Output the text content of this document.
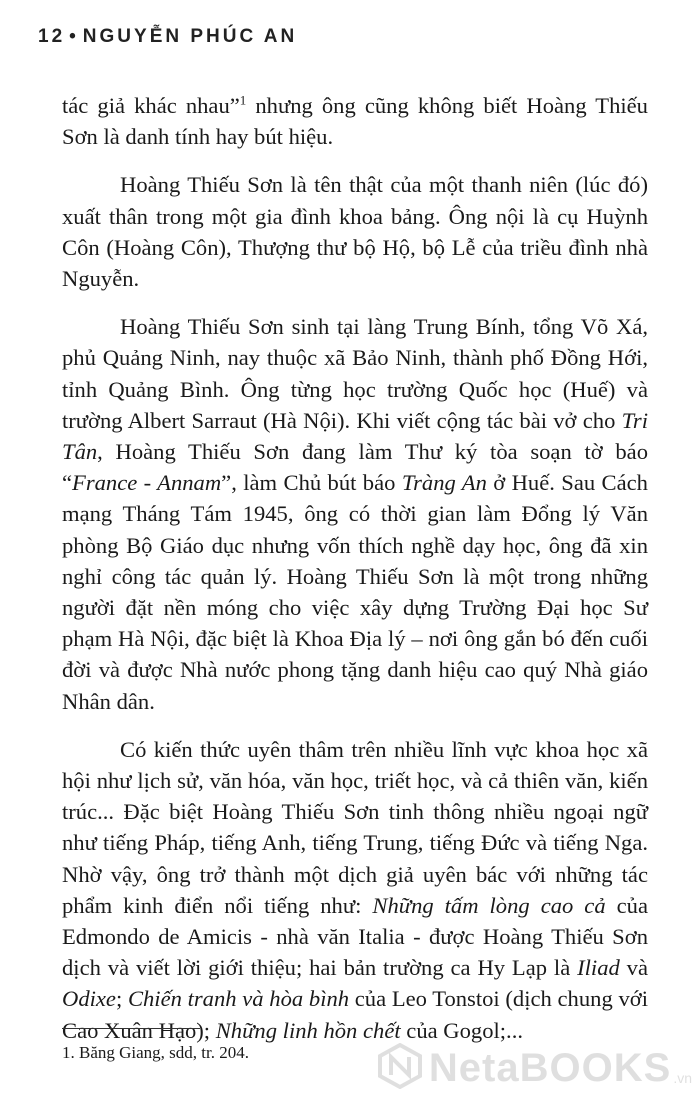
12 • NGUYỄN PHÚC AN

tác giả khác nhau”$^1$ nhưng ông cũng không biết Hoàng Thiếu Sơn là danh tính hay bút hiệu.

Hoàng Thiếu Sơn là tên thật của một thanh niên (lúc đó) xuất thân trong một gia đình khoa bảng. Ông nội là cụ Huỳnh Côn (Hoàng Côn), Thượng thư bộ Hộ, bộ Lễ của triều đình nhà Nguyễn.

Hoàng Thiếu Sơn sinh tại làng Trung Bính, tổng Võ Xá, phủ Quảng Ninh, nay thuộc xã Bảo Ninh, thành phố Đồng Hới, tỉnh Quảng Bình. Ông từng học trường Quốc học (Huế) và trường Albert Sarraut (Hà Nội). Khi viết cộng tác bài vở cho Tri Tân, Hoàng Thiếu Sơn đang làm Thư ký tòa soạn tờ báo “France - Annam”, làm Chủ bút báo Tràng An ở Huế. Sau Cách mạng Tháng Tám 1945, ông có thời gian làm Đổng lý Văn phòng Bộ Giáo dục nhưng vốn thích nghề dạy học, ông đã xin nghỉ công tác quản lý. Hoàng Thiếu Sơn là một trong những người đặt nền móng cho việc xây dựng Trường Đại học Sư phạm Hà Nội, đặc biệt là Khoa Địa lý – nơi ông gắn bó đến cuối đời và được Nhà nước phong tặng danh hiệu cao quý Nhà giáo Nhân dân.

Có kiến thức uyên thâm trên nhiều lĩnh vực khoa học xã hội như lịch sử, văn hóa, văn học, triết học, và cả thiên văn, kiến trúc... Đặc biệt Hoàng Thiếu Sơn tinh thông nhiều ngoại ngữ như tiếng Pháp, tiếng Anh, tiếng Trung, tiếng Đức và tiếng Nga. Nhờ vậy, ông trở thành một dịch giả uyên bác với những tác phẩm kinh điển nổi tiếng như: Những tấm lòng cao cả của Edmondo de Amicis - nhà văn Italia - được Hoàng Thiếu Sơn dịch và viết lời giới thiệu; hai bản trường ca Hy Lạp là Iliad và Odixe; Chiến tranh và hòa bình của Leo Tonstoi (dịch chung với Cao Xuân Hạo); Những linh hồn chết của Gogol;...

1. Băng Giang, sdd, tr. 204.	NetaBOOKS .vn
